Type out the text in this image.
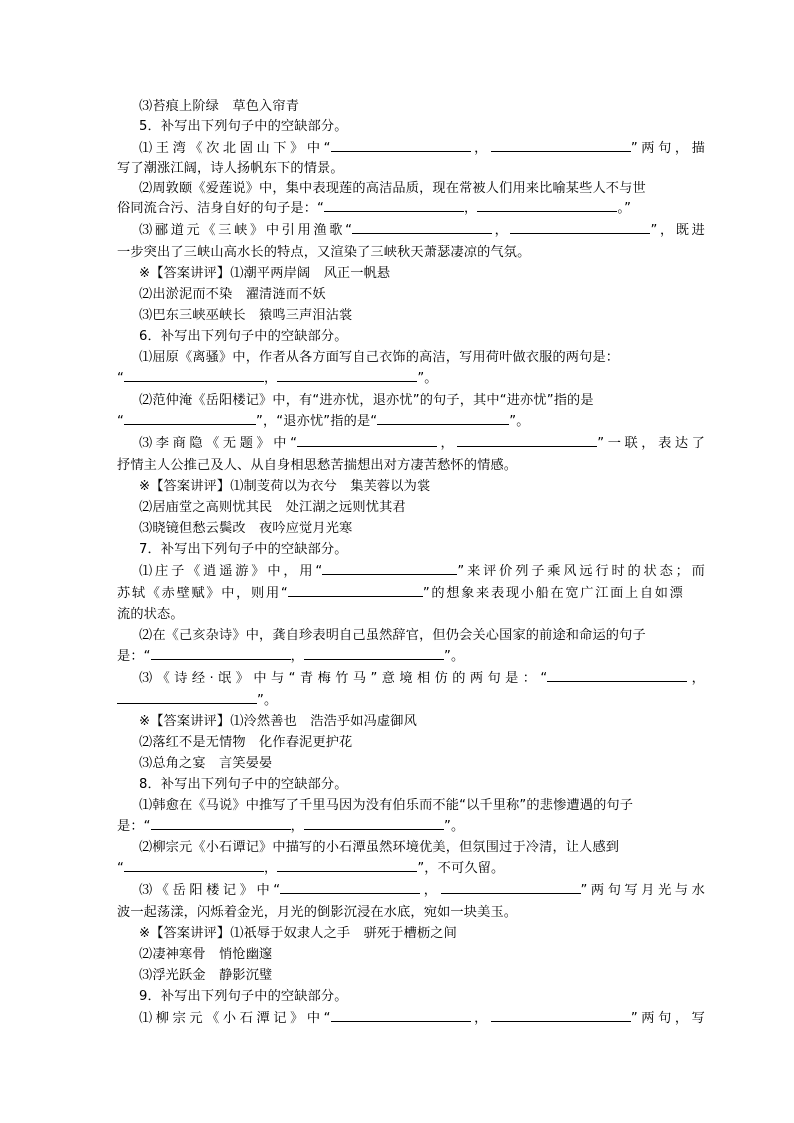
⑶苔痕上阶绿　草色入帘青
5．补写出下列句子中的空缺部分。
⑴王湾《次北固山下》中“	，	”两句，描
写了潮涨江阔，诗人扬帆东下的情景。
⑵周敦颐《爱莲说》中，集中表现莲的高洁品质，现在常被人们用来比喻某些人不与世
俗同流合污、洁身自好的句子是：“	，	。”
⑶郦道元《三峡》中引用渔歌“	，	”，既进
一步突出了三峡山高水长的特点，又渲染了三峡秋天萧瑟凄凉的气氛。
※【答案讲评】⑴潮平两岸阔　风正一帆悬
⑵出淤泥而不染　濯清涟而不妖
⑶巴东三峡巫峡长　猿鸣三声泪沾裳
6．补写出下列句子中的空缺部分。
⑴屈原《离骚》中，作者从各方面写自己衣饰的高洁，写用荷叶做衣服的两句是：
“	，	”。
⑵范仲淹《岳阳楼记》中，有“进亦忧，退亦忧”的句子，其中“进亦忧”指的是
“	”，“退亦忧”指的是“	”。
⑶李商隐《无题》中“	，	”一联，表达了
抒情主人公推己及人、从自身相思愁苦揣想出对方凄苦愁怀的情感。
※【答案讲评】⑴制芰荷以为衣兮　集芙蓉以为裳
⑵居庙堂之高则忧其民　处江湖之远则忧其君
⑶晓镜但愁云鬓改　夜吟应觉月光寒
7．补写出下列句子中的空缺部分。
⑴庄子《逍遥游》中，用“	”来评价列子乘风远行时的状态；而
苏轼《赤壁赋》中，则用“	”的想象来表现小船在宽广江面上自如漂
流的状态。
⑵在《己亥杂诗》中，龚自珍表明自己虽然辞官，但仍会关心国家的前途和命运的句子
是：“	，	”。
⑶《诗经·氓》中与“青梅竹马”意境相仿的两句是：“	，
”。
※【答案讲评】⑴泠然善也　浩浩乎如冯虚御风
⑵落红不是无情物　化作春泥更护花
⑶总角之宴　言笑晏晏
8．补写出下列句子中的空缺部分。
⑴韩愈在《马说》中推写了千里马因为没有伯乐而不能“以千里称”的悲惨遭遇的句子
是：“	，	”。
⑵柳宗元《小石谭记》中描写的小石潭虽然环境优美，但氛围过于冷清，让人感到
“	，	”，不可久留。
⑶《岳阳楼记》中“	，	”两句写月光与水
波一起荡漾，闪烁着金光，月光的倒影沉浸在水底，宛如一块美玉。
※【答案讲评】⑴祇辱于奴隶人之手　骈死于槽枥之间
⑵凄神寒骨　悄怆幽邃
⑶浮光跃金　静影沉璧
9．补写出下列句子中的空缺部分。
⑴柳宗元《小石潭记》中“	，	”两句，写
